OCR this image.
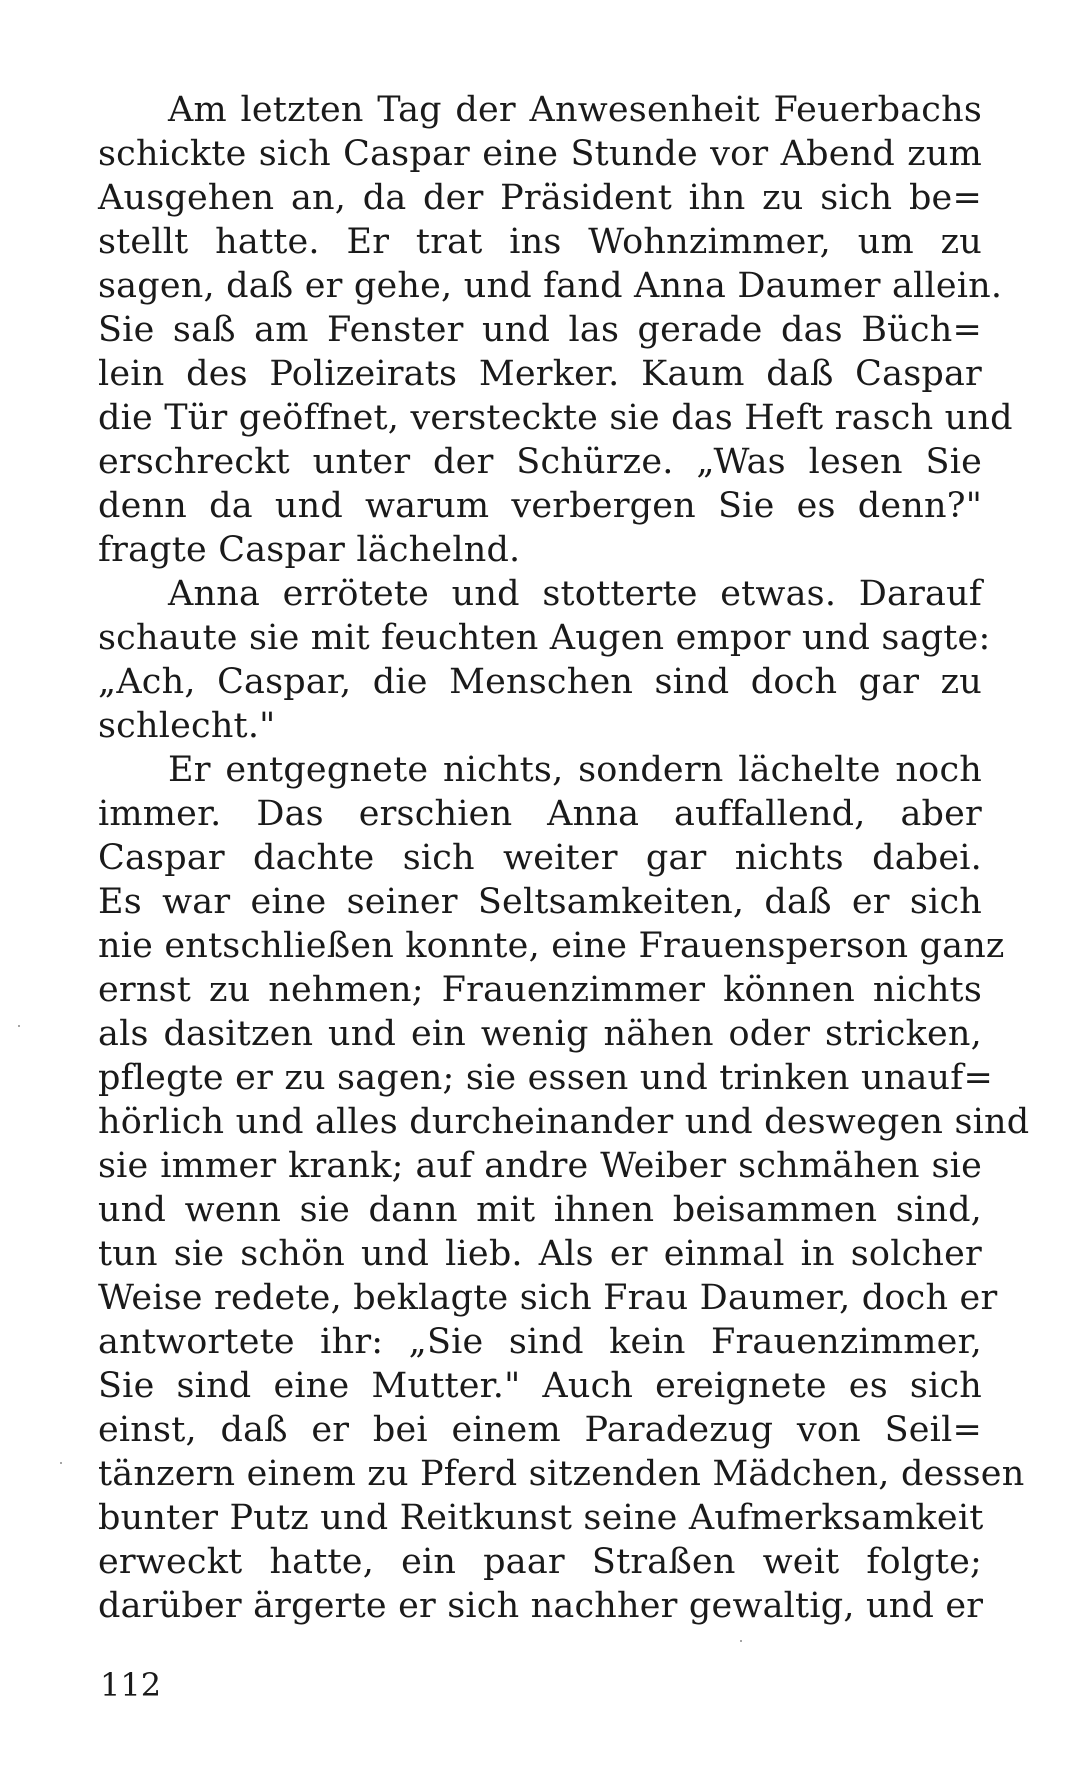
Am letzten Tag der Anwesenheit Feuerbachs
schickte sich Caspar eine Stunde vor Abend zum
Ausgehen an, da der Präsident ihn zu sich be=
stellt hatte. Er trat ins Wohnzimmer, um zu
sagen, daß er gehe, und fand Anna Daumer allein.
Sie saß am Fenster und las gerade das Büch=
lein des Polizeirats Merker. Kaum daß Caspar
die Tür geöffnet, versteckte sie das Heft rasch und
erschreckt unter der Schürze. „Was lesen Sie
denn da und warum verbergen Sie es denn?"
fragte Caspar lächelnd.
Anna errötete und stotterte etwas. Darauf
schaute sie mit feuchten Augen empor und sagte:
„Ach, Caspar, die Menschen sind doch gar zu
schlecht."
Er entgegnete nichts, sondern lächelte noch
immer. Das erschien Anna auffallend, aber
Caspar dachte sich weiter gar nichts dabei.
Es war eine seiner Seltsamkeiten, daß er sich
nie entschließen konnte, eine Frauensperson ganz
ernst zu nehmen; Frauenzimmer können nichts
als dasitzen und ein wenig nähen oder stricken,
pflegte er zu sagen; sie essen und trinken unauf=
hörlich und alles durcheinander und deswegen sind
sie immer krank; auf andre Weiber schmähen sie
und wenn sie dann mit ihnen beisammen sind,
tun sie schön und lieb. Als er einmal in solcher
Weise redete, beklagte sich Frau Daumer, doch er
antwortete ihr: „Sie sind kein Frauenzimmer,
Sie sind eine Mutter." Auch ereignete es sich
einst, daß er bei einem Paradezug von Seil=
tänzern einem zu Pferd sitzenden Mädchen, dessen
bunter Putz und Reitkunst seine Aufmerksamkeit
erweckt hatte, ein paar Straßen weit folgte;
darüber ärgerte er sich nachher gewaltig, und er
112
